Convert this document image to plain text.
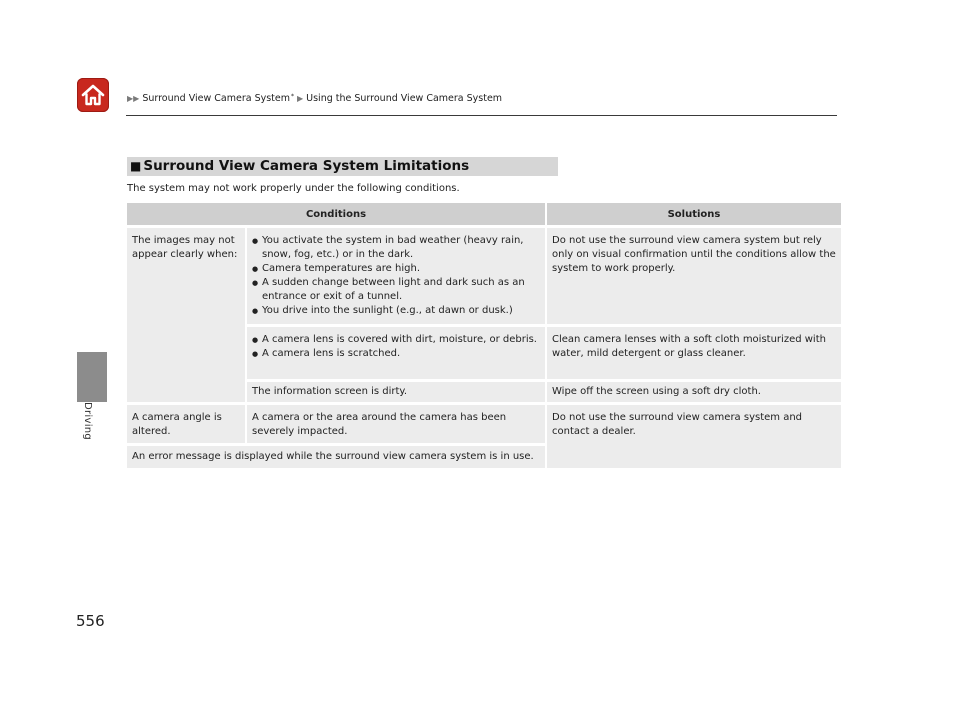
▶▶ Surround View Camera System* ▶ Using the Surround View Camera System
Driving
■ Surround View Camera System Limitations
The system may not work properly under the following conditions.
Conditions	Solutions
The images may not appear clearly when:
● You activate the system in bad weather (heavy rain, snow, fog, etc.) or in the dark.
● Camera temperatures are high.
● A sudden change between light and dark such as an entrance or exit of a tunnel.
● You drive into the sunlight (e.g., at dawn or dusk.)
Do not use the surround view camera system but rely only on visual confirmation until the conditions allow the system to work properly.
● A camera lens is covered with dirt, moisture, or debris.
● A camera lens is scratched.
Clean camera lenses with a soft cloth moisturized with water, mild detergent or glass cleaner.
The information screen is dirty.	Wipe off the screen using a soft dry cloth.
A camera angle is altered.
A camera or the area around the camera has been severely impacted.
Do not use the surround view camera system and contact a dealer.
An error message is displayed while the surround view camera system is in use.
556
